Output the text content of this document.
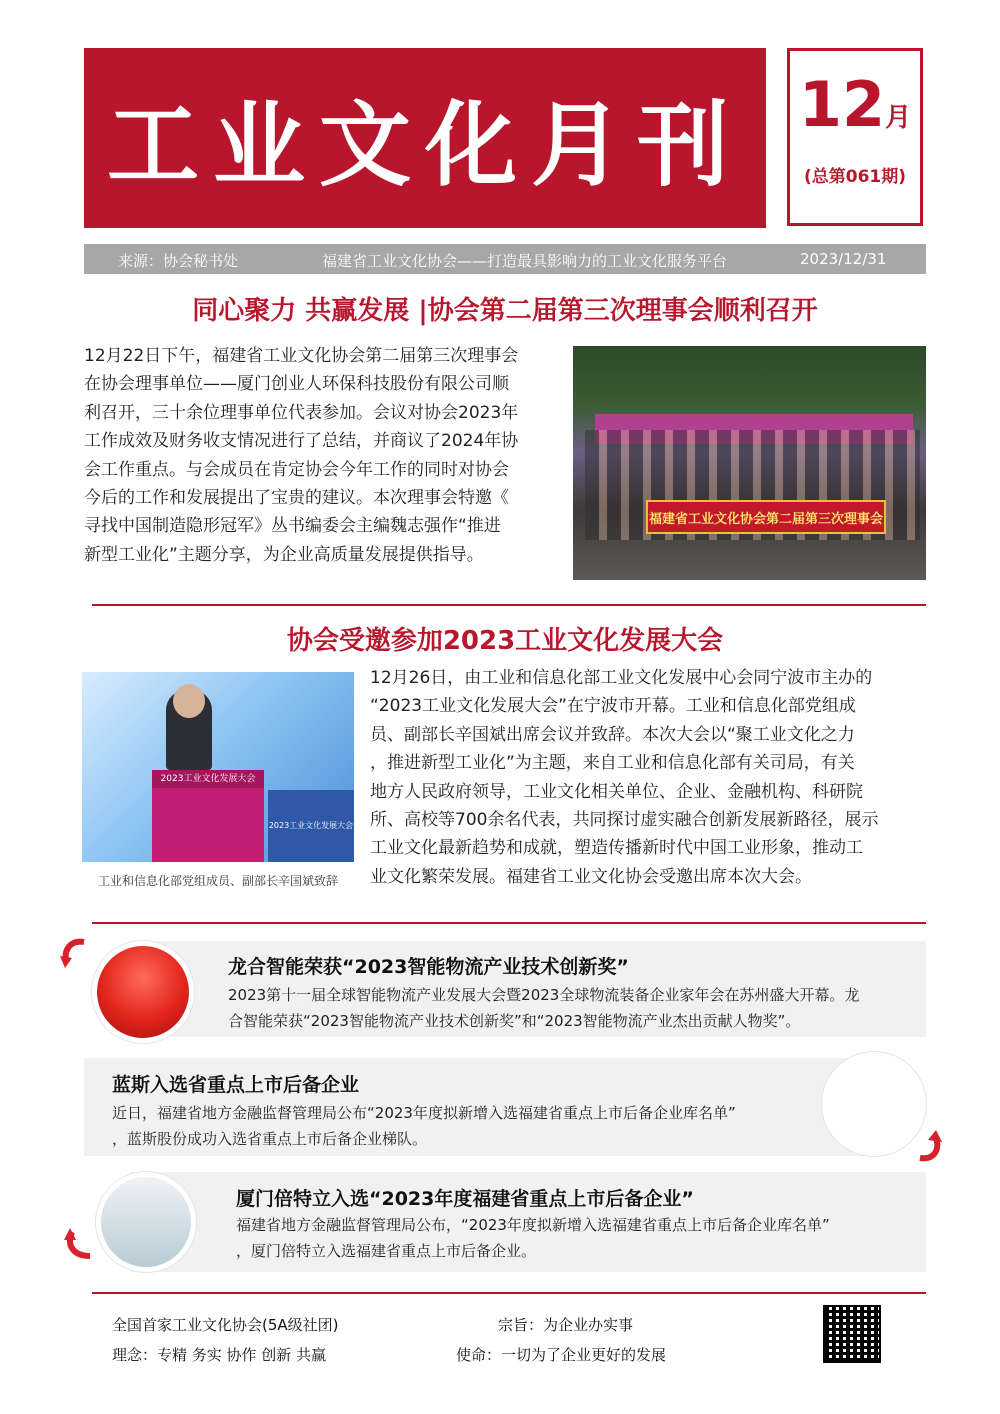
工业文化月刊 12月
(总第061期)
来源：协会秘书处	福建省工业文化协会——打造最具影响力的工业文化服务平台	2023/12/31
同心聚力 共赢发展 |协会第二届第三次理事会顺利召开
12月22日下午，福建省工业文化协会第二届第三次理事会
在协会理事单位——厦门创业人环保科技股份有限公司顺
利召开，三十余位理事单位代表参加。会议对协会2023年
工作成效及财务收支情况进行了总结，并商议了2024年协
会工作重点。与会成员在肯定协会今年工作的同时对协会
今后的工作和发展提出了宝贵的建议。本次理事会特邀《
寻找中国制造隐形冠军》丛书编委会主编魏志强作“推进
新型工业化”主题分享，为企业高质量发展提供指导。
福建省工业文化协会第二届第三次理事会
协会受邀参加2023工业文化发展大会
2023工业文化发展大会
2023工业文化发展大会
工业和信息化部党组成员、副部长辛国斌致辞
12月26日，由工业和信息化部工业文化发展中心会同宁波市主办的
“2023工业文化发展大会”在宁波市开幕。工业和信息化部党组成
员、副部长辛国斌出席会议并致辞。本次大会以“聚工业文化之力
，推进新型工业化”为主题，来自工业和信息化部有关司局，有关
地方人民政府领导，工业文化相关单位、企业、金融机构、科研院
所、高校等700余名代表，共同探讨虚实融合创新发展新路径，展示
工业文化最新趋势和成就，塑造传播新时代中国工业形象，推动工
业文化繁荣发展。福建省工业文化协会受邀出席本次大会。
龙合智能荣获“2023智能物流产业技术创新奖”
2023第十一届全球智能物流产业发展大会暨2023全球物流装备企业家年会在苏州盛大开幕。龙
合智能荣获“2023智能物流产业技术创新奖”和“2023智能物流产业杰出贡献人物奖”。
蓝斯入选省重点上市后备企业
近日，福建省地方金融监督管理局公布“2023年度拟新增入选福建省重点上市后备企业库名单”
，蓝斯股份成功入选省重点上市后备企业梯队。
厦门倍特立入选“2023年度福建省重点上市后备企业”
福建省地方金融监督管理局公布，“2023年度拟新增入选福建省重点上市后备企业库名单”
，厦门倍特立入选福建省重点上市后备企业。
全国首家工业文化协会(5A级社团)
理念：专精 务实 协作 创新 共赢
宗旨：为企业办实事
使命：一切为了企业更好的发展
